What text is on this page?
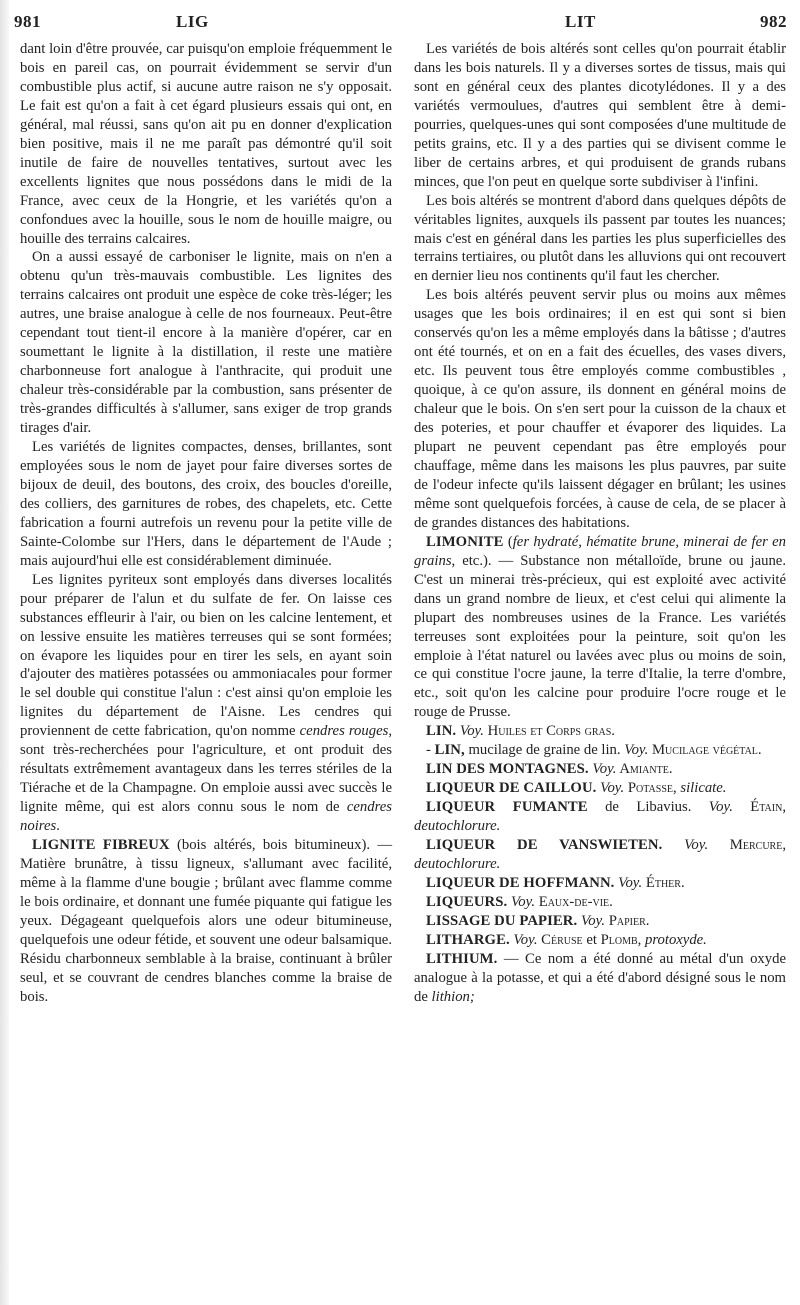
981	LIG	LIT	982

dant loin d'être prouvée, car puisqu'on emploie fréquemment le bois en pareil cas, on pourrait évidemment se servir d'un combustible plus actif, si aucune autre raison ne s'y opposait. Le fait est qu'on a fait à cet égard plusieurs essais qui ont, en général, mal réussi, sans qu'on ait pu en donner d'explication bien positive, mais il ne me paraît pas démontré qu'il soit inutile de faire de nouvelles tentatives, surtout avec les excellents lignites que nous possédons dans le midi de la France, avec ceux de la Hongrie, et les variétés qu'on a confondues avec la houille, sous le nom de houille maigre, ou houille des terrains calcaires.

On a aussi essayé de carboniser le lignite, mais on n'en a obtenu qu'un très-mauvais combustible. Les lignites des terrains calcaires ont produit une espèce de coke très-léger; les autres, une braise analogue à celle de nos fourneaux. Peut-être cependant tout tient-il encore à la manière d'opérer, car en soumettant le lignite à la distillation, il reste une matière charbonneuse fort analogue à l'anthracite, qui produit une chaleur très-considérable par la combustion, sans présenter de très-grandes difficultés à s'allumer, sans exiger de trop grands tirages d'air.

Les variétés de lignites compactes, denses, brillantes, sont employées sous le nom de jayet pour faire diverses sortes de bijoux de deuil, des boutons, des croix, des boucles d'oreille, des colliers, des garnitures de robes, des chapelets, etc. Cette fabrication a fourni autrefois un revenu pour la petite ville de Sainte-Colombe sur l'Hers, dans le département de l'Aude ; mais aujourd'hui elle est considérablement diminuée.

Les lignites pyriteux sont employés dans diverses localités pour préparer de l'alun et du sulfate de fer. On laisse ces substances effleurir à l'air, ou bien on les calcine lentement, et on lessive ensuite les matières terreuses qui se sont formées; on évapore les liquides pour en tirer les sels, en ayant soin d'ajouter des matières potassées ou ammoniacales pour former le sel double qui constitue l'alun : c'est ainsi qu'on emploie les lignites du département de l'Aisne. Les cendres qui proviennent de cette fabrication, qu'on nomme cendres rouges, sont très-recherchées pour l'agriculture, et ont produit des résultats extrêmement avantageux dans les terres stériles de la Tiérache et de la Champagne. On emploie aussi avec succès le lignite même, qui est alors connu sous le nom de cendres noires.

LIGNITE FIBREUX (bois altérés, bois bitumineux). — Matière brunâtre, à tissu ligneux, s'allumant avec facilité, même à la flamme d'une bougie ; brûlant avec flamme comme le bois ordinaire, et donnant une fumée piquante qui fatigue les yeux. Dégageant quelquefois alors une odeur bitumineuse, quelquefois une odeur fétide, et souvent une odeur balsamique. Résidu charbonneux semblable à la braise, continuant à brûler seul, et se couvrant de cendres blanches comme la braise de bois.

Les variétés de bois altérés sont celles qu'on pourrait établir dans les bois naturels. Il y a diverses sortes de tissus, mais qui sont en général ceux des plantes dicotylédones. Il y a des variétés vermoulues, d'autres qui semblent être à demi-pourries, quelques-unes qui sont composées d'une multitude de petits grains, etc. Il y a des parties qui se divisent comme le liber de certains arbres, et qui produisent de grands rubans minces, que l'on peut en quelque sorte subdiviser à l'infini.

Les bois altérés se montrent d'abord dans quelques dépôts de véritables lignites, auxquels ils passent par toutes les nuances; mais c'est en général dans les parties les plus superficielles des terrains tertiaires, ou plutôt dans les alluvions qui ont recouvert en dernier lieu nos continents qu'il faut les chercher.

Les bois altérés peuvent servir plus ou moins aux mêmes usages que les bois ordinaires; il en est qui sont si bien conservés qu'on les a même employés dans la bâtisse ; d'autres ont été tournés, et on en a fait des écuelles, des vases divers, etc. Ils peuvent tous être employés comme combustibles , quoique, à ce qu'on assure, ils donnent en général moins de chaleur que le bois. On s'en sert pour la cuisson de la chaux et des poteries, et pour chauffer et évaporer des liquides. La plupart ne peuvent cependant pas être employés pour chauffage, même dans les maisons les plus pauvres, par suite de l'odeur infecte qu'ils laissent dégager en brûlant; les usines même sont quelquefois forcées, à cause de cela, de se placer à de grandes distances des habitations.

LIMONITE (fer hydraté, hématite brune, minerai de fer en grains, etc.). — Substance non métalloïde, brune ou jaune. C'est un minerai très-précieux, qui est exploité avec activité dans un grand nombre de lieux, et c'est celui qui alimente la plupart des nombreuses usines de la France. Les variétés terreuses sont exploitées pour la peinture, soit qu'on les emploie à l'état naturel ou lavées avec plus ou moins de soin, ce qui constitue l'ocre jaune, la terre d'Italie, la terre d'ombre, etc., soit qu'on les calcine pour produire l'ocre rouge et le rouge de Prusse.

LIN. Voy. Huiles et Corps gras.

- LIN, mucilage de graine de lin. Voy. Mucilage végétal.

LIN DES MONTAGNES. Voy. Amiante.

LIQUEUR DE CAILLOU. Voy. Potasse, silicate.

LIQUEUR FUMANTE de Libavius. Voy. Étain, deutochlorure.

LIQUEUR DE VANSWIETEN. Voy. Mercure, deutochlorure.

LIQUEUR DE HOFFMANN. Voy. Éther.

LIQUEURS. Voy. Eaux-de-vie.

LISSAGE DU PAPIER. Voy. Papier.

LITHARGE. Voy. Céruse et Plomb, protoxyde.

LITHIUM. — Ce nom a été donné au métal d'un oxyde analogue à la potasse, et qui a été d'abord désigné sous le nom de lithion;
